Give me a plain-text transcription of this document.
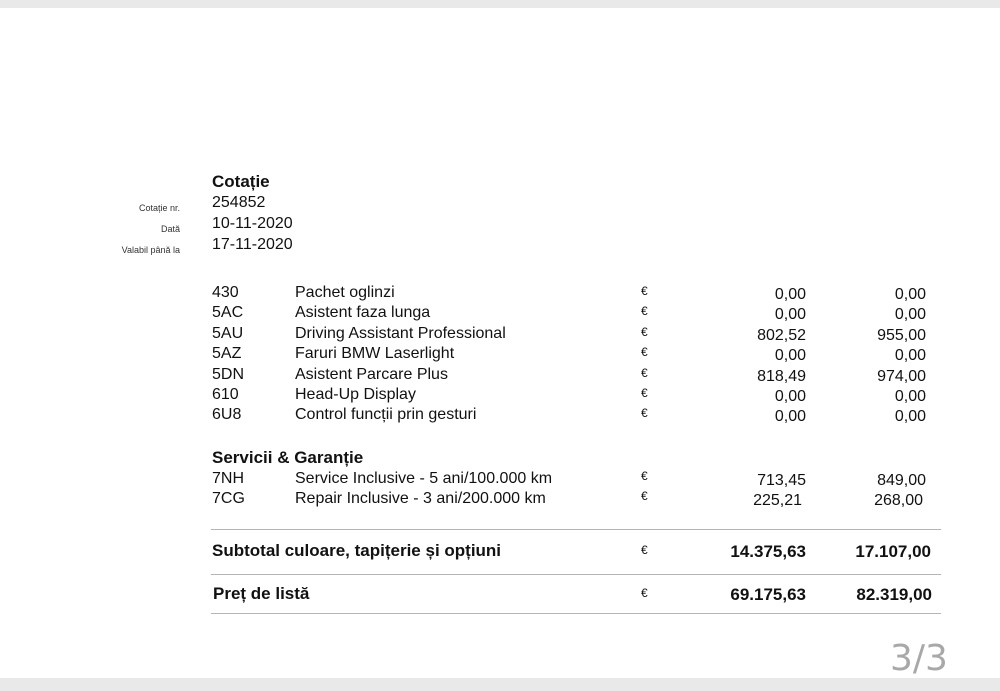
Cotație
Cotație nr. 254852
Dată 10-11-2020
Valabil până la 17-11-2020
430	Pachet oglinzi	€	0,00	0,00
5AC	Asistent faza lunga	€	0,00	0,00
5AU	Driving Assistant Professional	€	802,52	955,00
5AZ	Faruri BMW Laserlight	€	0,00	0,00
5DN	Asistent Parcare Plus	€	818,49	974,00
610	Head-Up Display	€	0,00	0,00
6U8	Control funcții prin gesturi	€	0,00	0,00
Servicii & Garanție
7NH	Service Inclusive - 5 ani/100.000 km	€	713,45	849,00
7CG	Repair Inclusive - 3 ani/200.000 km	€	225,21	268,00
Subtotal culoare, tapițerie și opțiuni	€	14.375,63	17.107,00
Preț de listă	€	69.175,63	82.319,00
3/3
